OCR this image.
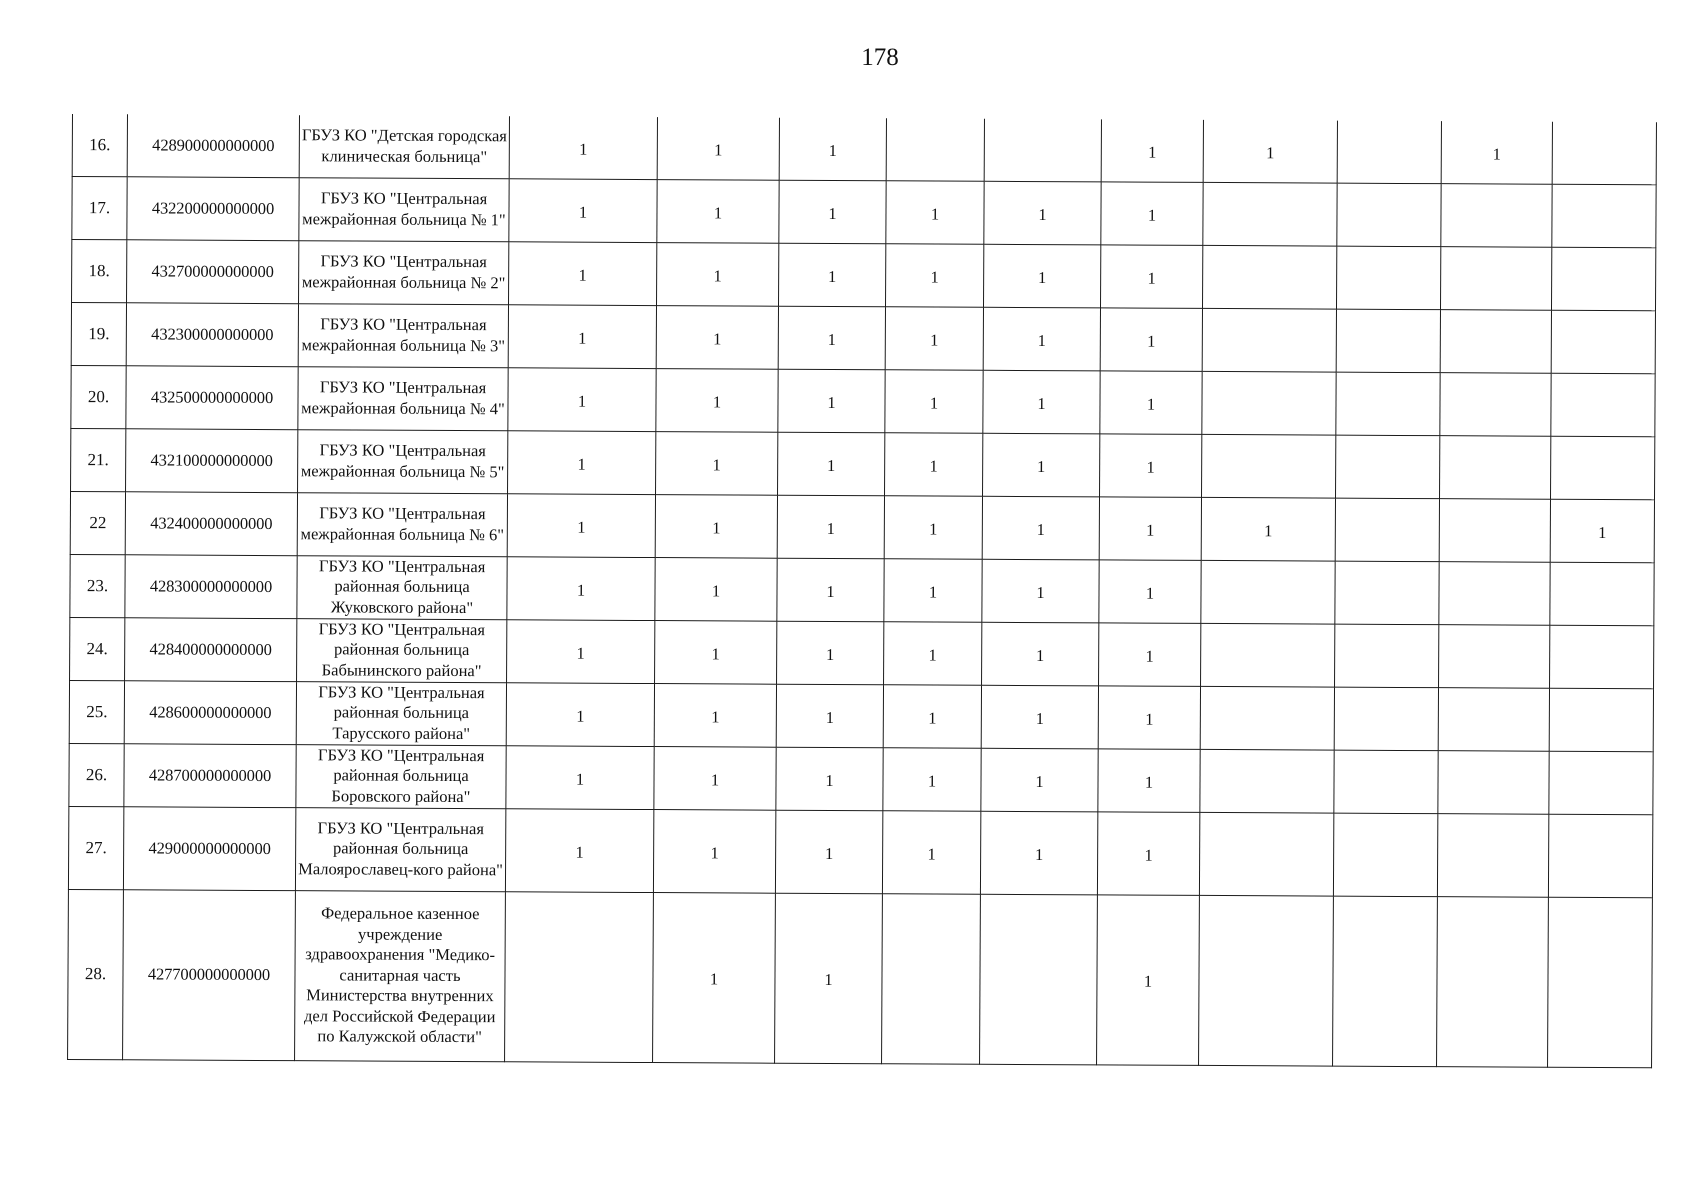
178
16.	428900000000000	ГБУЗ КО "Детская городская клиническая больница"	1	1	1			1	1		1	
17.	432200000000000	ГБУЗ КО "Центральная межрайонная больница № 1"	1	1	1	1	1	1				
18.	432700000000000	ГБУЗ КО "Центральная межрайонная больница № 2"	1	1	1	1	1	1				
19.	432300000000000	ГБУЗ КО "Центральная межрайонная больница № 3"	1	1	1	1	1	1				
20.	432500000000000	ГБУЗ КО "Центральная межрайонная больница № 4"	1	1	1	1	1	1				
21.	432100000000000	ГБУЗ КО "Центральная межрайонная больница № 5"	1	1	1	1	1	1				
22	432400000000000	ГБУЗ КО "Центральная межрайонная больница № 6"	1	1	1	1	1	1	1			1
23.	428300000000000	ГБУЗ КО "Центральная районная больница Жуковского района"	1	1	1	1	1	1				
24.	428400000000000	ГБУЗ КО "Центральная районная больница Бабынинского района"	1	1	1	1	1	1				
25.	428600000000000	ГБУЗ КО "Центральная районная больница Тарусского района"	1	1	1	1	1	1				
26.	428700000000000	ГБУЗ КО "Центральная районная больница Боровского района"	1	1	1	1	1	1				
27.	429000000000000	ГБУЗ КО "Центральная районная больница Малоярославец-кого района"	1	1	1	1	1	1				
28.	427700000000000	Федеральное казенное учреждение здравоохранения "Медико-санитарная часть Министерства внутренних дел Российской Федерации по Калужской области"		1	1			1				
